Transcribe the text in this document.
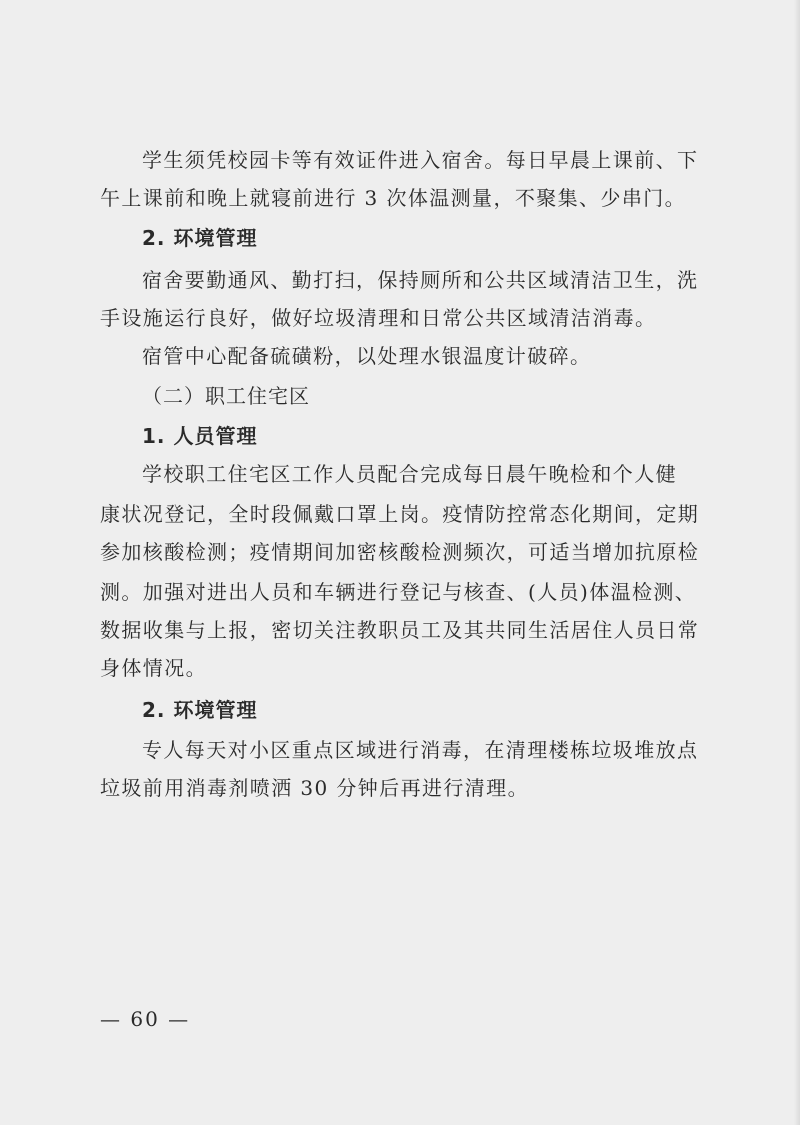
学生须凭校园卡等有效证件进入宿舍。每日早晨上课前、下
午上课前和晚上就寝前进行 3 次体温测量，不聚集、少串门。
2. 环境管理
宿舍要勤通风、勤打扫，保持厕所和公共区域清洁卫生，洗
手设施运行良好，做好垃圾清理和日常公共区域清洁消毒。
宿管中心配备硫磺粉，以处理水银温度计破碎。
（二）职工住宅区
1. 人员管理
学校职工住宅区工作人员配合完成每日晨午晚检和个人健
康状况登记，全时段佩戴口罩上岗。疫情防控常态化期间，定期
参加核酸检测；疫情期间加密核酸检测频次，可适当增加抗原检
测。加强对进出人员和车辆进行登记与核查、(人员)体温检测、
数据收集与上报，密切关注教职员工及其共同生活居住人员日常
身体情况。
2. 环境管理
专人每天对小区重点区域进行消毒，在清理楼栋垃圾堆放点
垃圾前用消毒剂喷洒 30 分钟后再进行清理。
— 60 —
